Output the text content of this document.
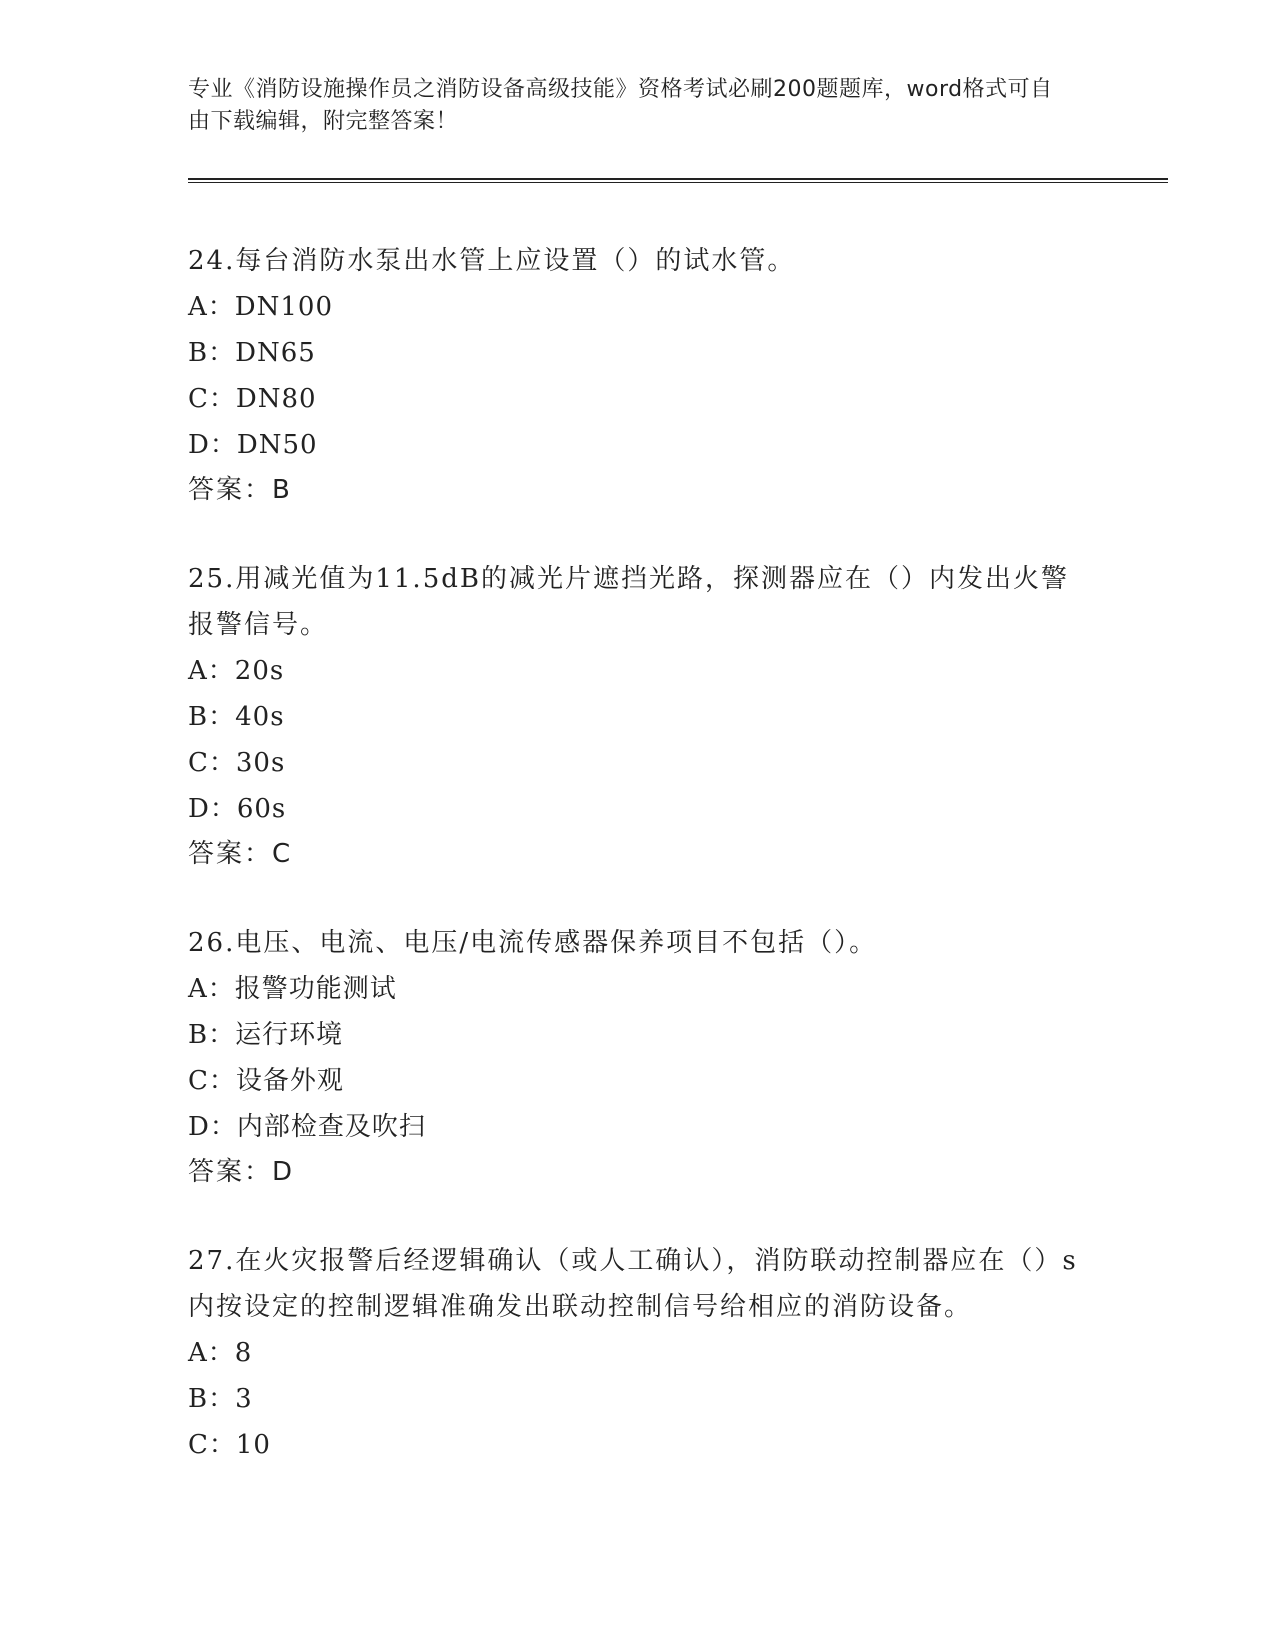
专业《消防设施操作员之消防设备高级技能》资格考试必刷200题题库，word格式可自由下载编辑，附完整答案！

24.每台消防水泵出水管上应设置（）的试水管。

A：DN100

B：DN65

C：DN80

D：DN50

答案：B

25.用减光值为11.5dB的减光片遮挡光路，探测器应在（）内发出火警报警信号。

A：20s

B：40s

C：30s

D：60s

答案：C

26.电压、电流、电压/电流传感器保养项目不包括（）。

A：报警功能测试

B：运行环境

C：设备外观

D：内部检查及吹扫

答案：D

27.在火灾报警后经逻辑确认（或人工确认），消防联动控制器应在（）s内按设定的控制逻辑准确发出联动控制信号给相应的消防设备。

A：8

B：3

C：10
